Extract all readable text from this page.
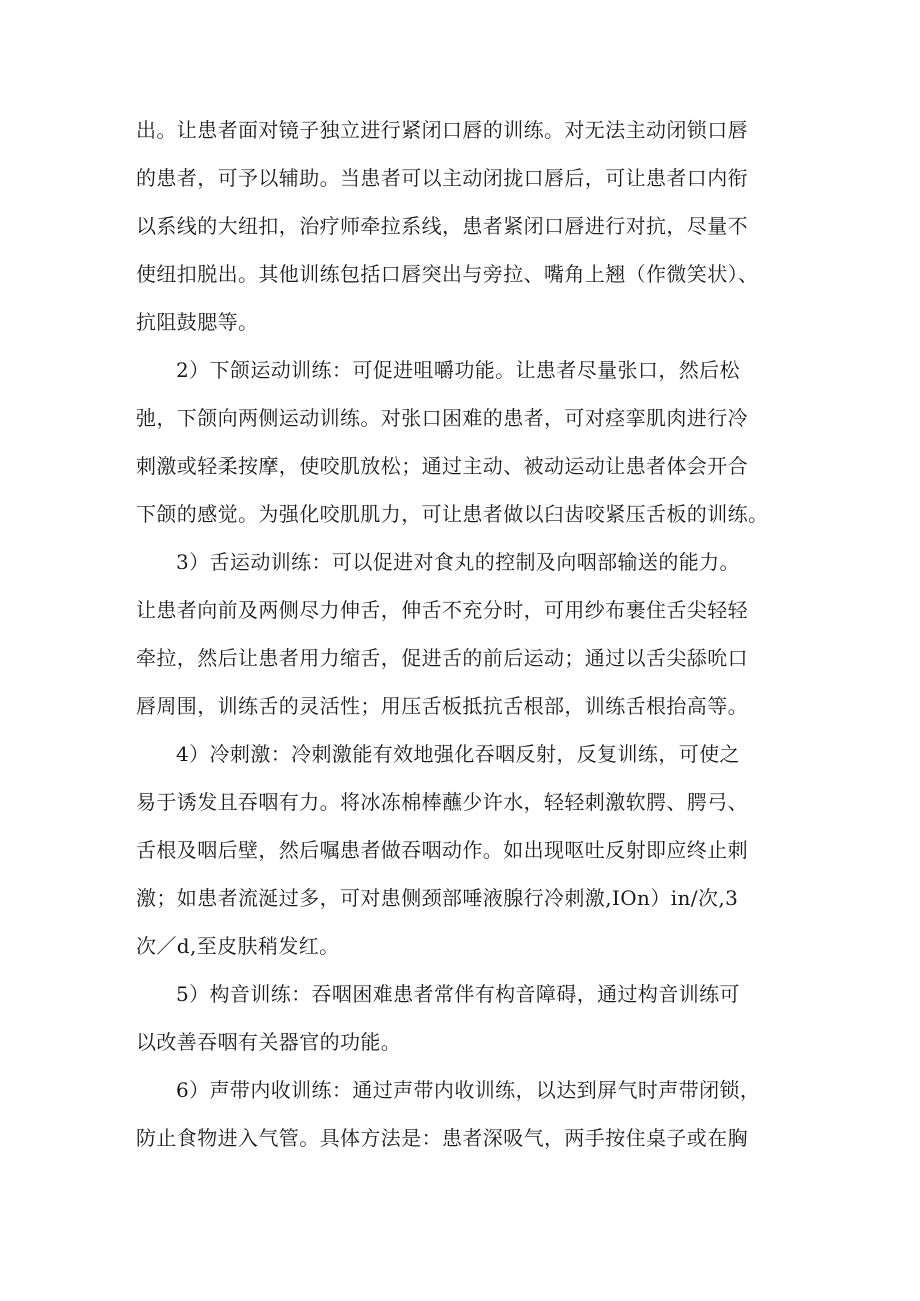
出。让患者面对镜子独立进行紧闭口唇的训练。对无法主动闭锁口唇
的患者，可予以辅助。当患者可以主动闭拢口唇后，可让患者口内衔
以系线的大纽扣，治疗师牵拉系线，患者紧闭口唇进行对抗，尽量不
使纽扣脱出。其他训练包括口唇突出与旁拉、嘴角上翘（作微笑状）、
抗阻鼓腮等。
2）下颌运动训练：可促进咀嚼功能。让患者尽量张口，然后松
弛，下颌向两侧运动训练。对张口困难的患者，可对痉挛肌肉进行冷
刺激或轻柔按摩，使咬肌放松；通过主动、被动运动让患者体会开合
下颌的感觉。为强化咬肌肌力，可让患者做以臼齿咬紧压舌板的训练。
3）舌运动训练：可以促进对食丸的控制及向咽部输送的能力。
让患者向前及两侧尽力伸舌，伸舌不充分时，可用纱布裹住舌尖轻轻
牵拉，然后让患者用力缩舌，促进舌的前后运动；通过以舌尖舔吮口
唇周围，训练舌的灵活性；用压舌板抵抗舌根部，训练舌根抬高等。
4）冷刺激：冷刺激能有效地强化吞咽反射，反复训练，可使之
易于诱发且吞咽有力。将冰冻棉棒蘸少许水，轻轻刺激软腭、腭弓、
舌根及咽后壁，然后嘱患者做吞咽动作。如出现呕吐反射即应终止刺
激；如患者流涎过多，可对患侧颈部唾液腺行冷刺激,IOn）in/次,3
次／d,至皮肤稍发红。
5）构音训练：吞咽困难患者常伴有构音障碍，通过构音训练可
以改善吞咽有关器官的功能。
6）声带内收训练：通过声带内收训练，以达到屏气时声带闭锁，
防止食物进入气管。具体方法是：患者深吸气，两手按住桌子或在胸
